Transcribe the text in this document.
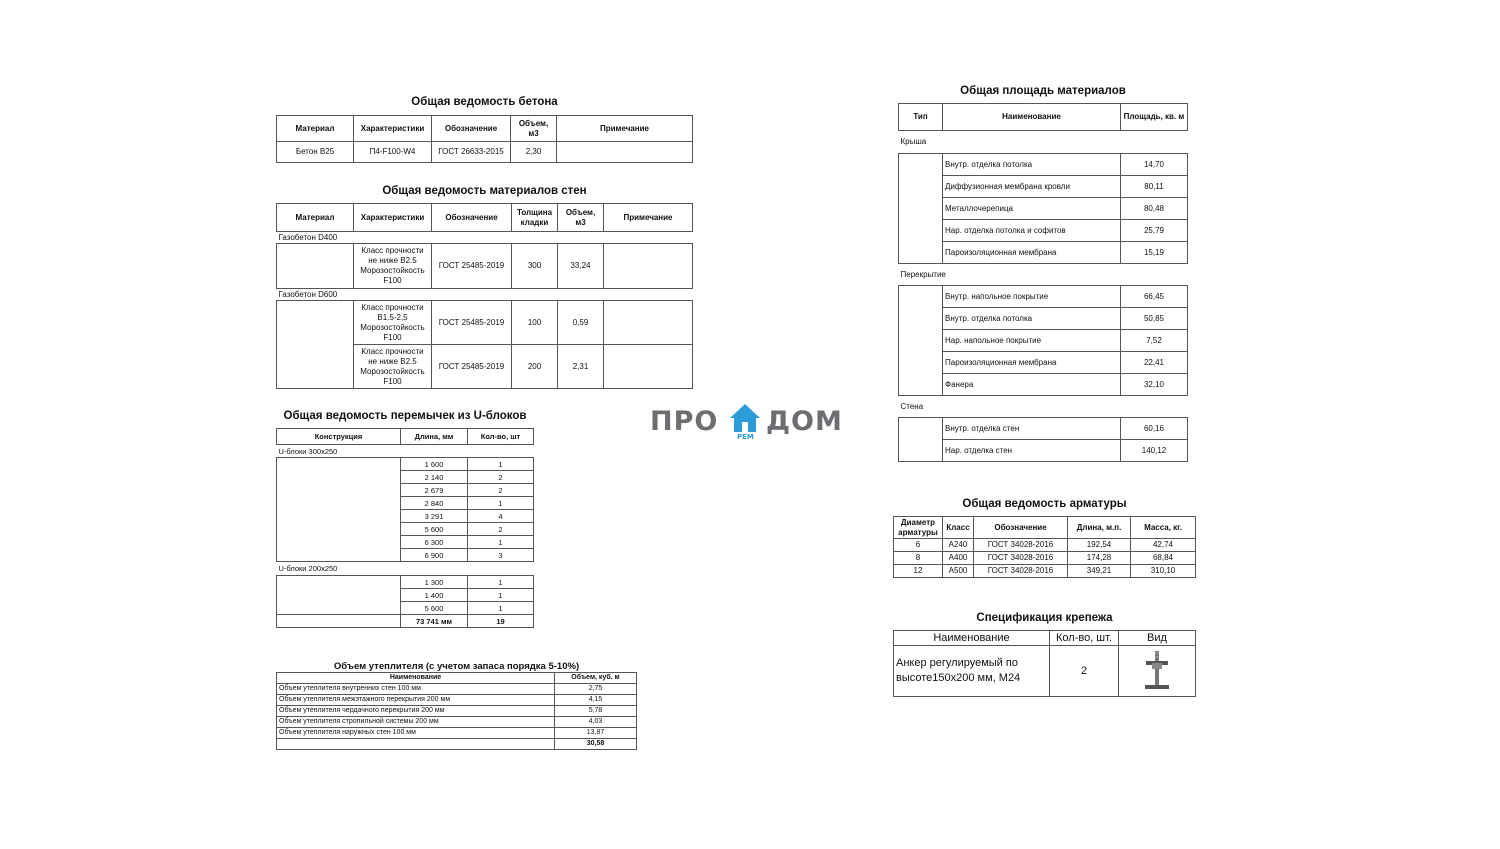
Общая ведомость бетона

Материал	Характеристики	Обозначение	Объем, м3	Примечание
Бетон В25	П4-F100-W4	ГОСТ 26633-2015	2,30	

Общая ведомость материалов стен

Материал	Характеристики	Обозначение	Толщина кладки	Объем, м3	Примечание
Газобетон D400					
	Класс прочности не ниже В2.5 Морозостойкость F100	ГОСТ 25485-2019	300	33,24	
Газобетон D600					
	Класс прочности В1.5-2,5 Морозостойкость F100	ГОСТ 25485-2019	100	0,59	
	Класс прочности не ниже В2.5 Морозостойкость F100	ГОСТ 25485-2019	200	2,31	

Общая ведомость перемычек из U-блоков

Конструкция	Длина, мм	Кол-во, шт
U-блоки 300х250		
	1 600	1
	2 140	2
	2 679	2
	2 840	1
	3 291	4
	5 600	2
	6 300	1
	6 900	3
U-блоки 200х250		
	1 300	1
	1 400	1
	5 600	1
	73 741 мм	19

Объем утеплителя (с учетом запаса порядка 5-10%)

Наименование	Объем, куб. м
Объем утеплителя внутренних стен 100 мм	2,75
Объем утеплителя межэтажного перекрытия 200 мм	4,15
Объем утеплителя чердачного перекрытия 200 мм	5,78
Объем утеплителя стропильной системы 200 мм	4,03
Объем утеплителя наружных стен 100 мм	13,87
	30,58
ПРО	РЕМ ДОМ

Общая площадь материалов

Тип	Наименование	Площадь, кв. м
Крыша		
	Внутр. отделка потолка	14,70
	Диффузионная мембрана кровли	80,11
	Металлочерепица	80,48
	Нар. отделка потолка и софитов	25,79
	Пароизоляционная мембрана	15,19
Перекрытие		
	Внутр. напольное покрытие	66,45
	Внутр. отделка потолка	50,85
	Нар. напольное покрытие	7,52
	Пароизоляционная мембрана	22,41
	Фанера	32,10
Стена		
	Внутр. отделка стен	60,16
	Нар. отделка стен	140,12

Общая ведомость арматуры

Диаметр арматуры	Класс	Обозначение	Длина, м.п.	Масса, кг.
6	А240	ГОСТ 34028-2016	192,54	42,74
8	А400	ГОСТ 34028-2016	174,28	68,84
12	А500	ГОСТ 34028-2016	349,21	310,10

Спецификация крепежа

Наименование	Кол-во, шт.	Вид
Анкер регулируемый по высоте150х200 мм, М24	2	
